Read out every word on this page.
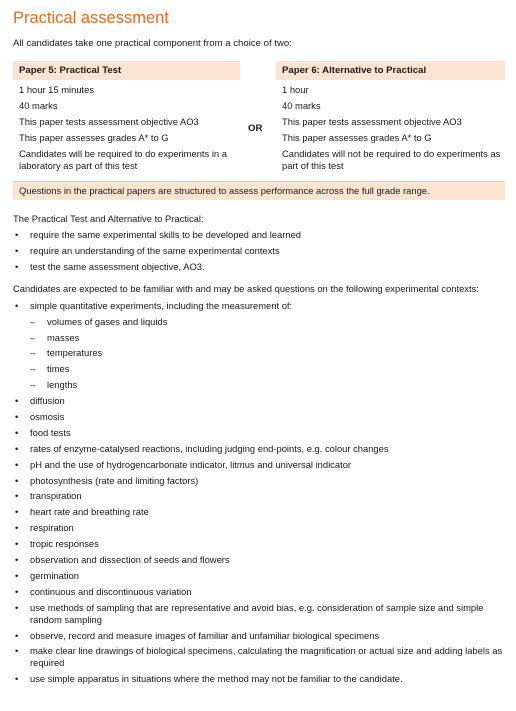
Practical assessment
All candidates take one practical component from a choice of two:
Paper 5: Practical Test
1 hour 15 minutes
40 marks
This paper tests assessment objective AO3
This paper assesses grades A* to G
Candidates will be required to do experiments in a laboratory as part of this test
OR
Paper 6: Alternative to Practical
1 hour
40 marks
This paper tests assessment objective AO3
This paper assesses grades A* to G
Candidates will not be required to do experiments as part of this test
Questions in the practical papers are structured to assess performance across the full grade range.
The Practical Test and Alternative to Practical:
• require the same experimental skills to be developed and learned
• require an understanding of the same experimental contexts
• test the same assessment objective, AO3.
Candidates are expected to be familiar with and may be asked questions on the following experimental contexts:
• simple quantitative experiments, including the measurement of:
– volumes of gases and liquids
– masses
– temperatures
– times
– lengths
• diffusion
• osmosis
• food tests
• rates of enzyme-catalysed reactions, including judging end-points, e.g. colour changes
• pH and the use of hydrogencarbonate indicator, litmus and universal indicator
• photosynthesis (rate and limiting factors)
• transpiration
• heart rate and breathing rate
• respiration
• tropic responses
• observation and dissection of seeds and flowers
• germination
• continuous and discontinuous variation
• use methods of sampling that are representative and avoid bias, e.g. consideration of sample size and simple random sampling
• observe, record and measure images of familiar and unfamiliar biological specimens
• make clear line drawings of biological specimens, calculating the magnification or actual size and adding labels as required
• use simple apparatus in situations where the method may not be familiar to the candidate.
